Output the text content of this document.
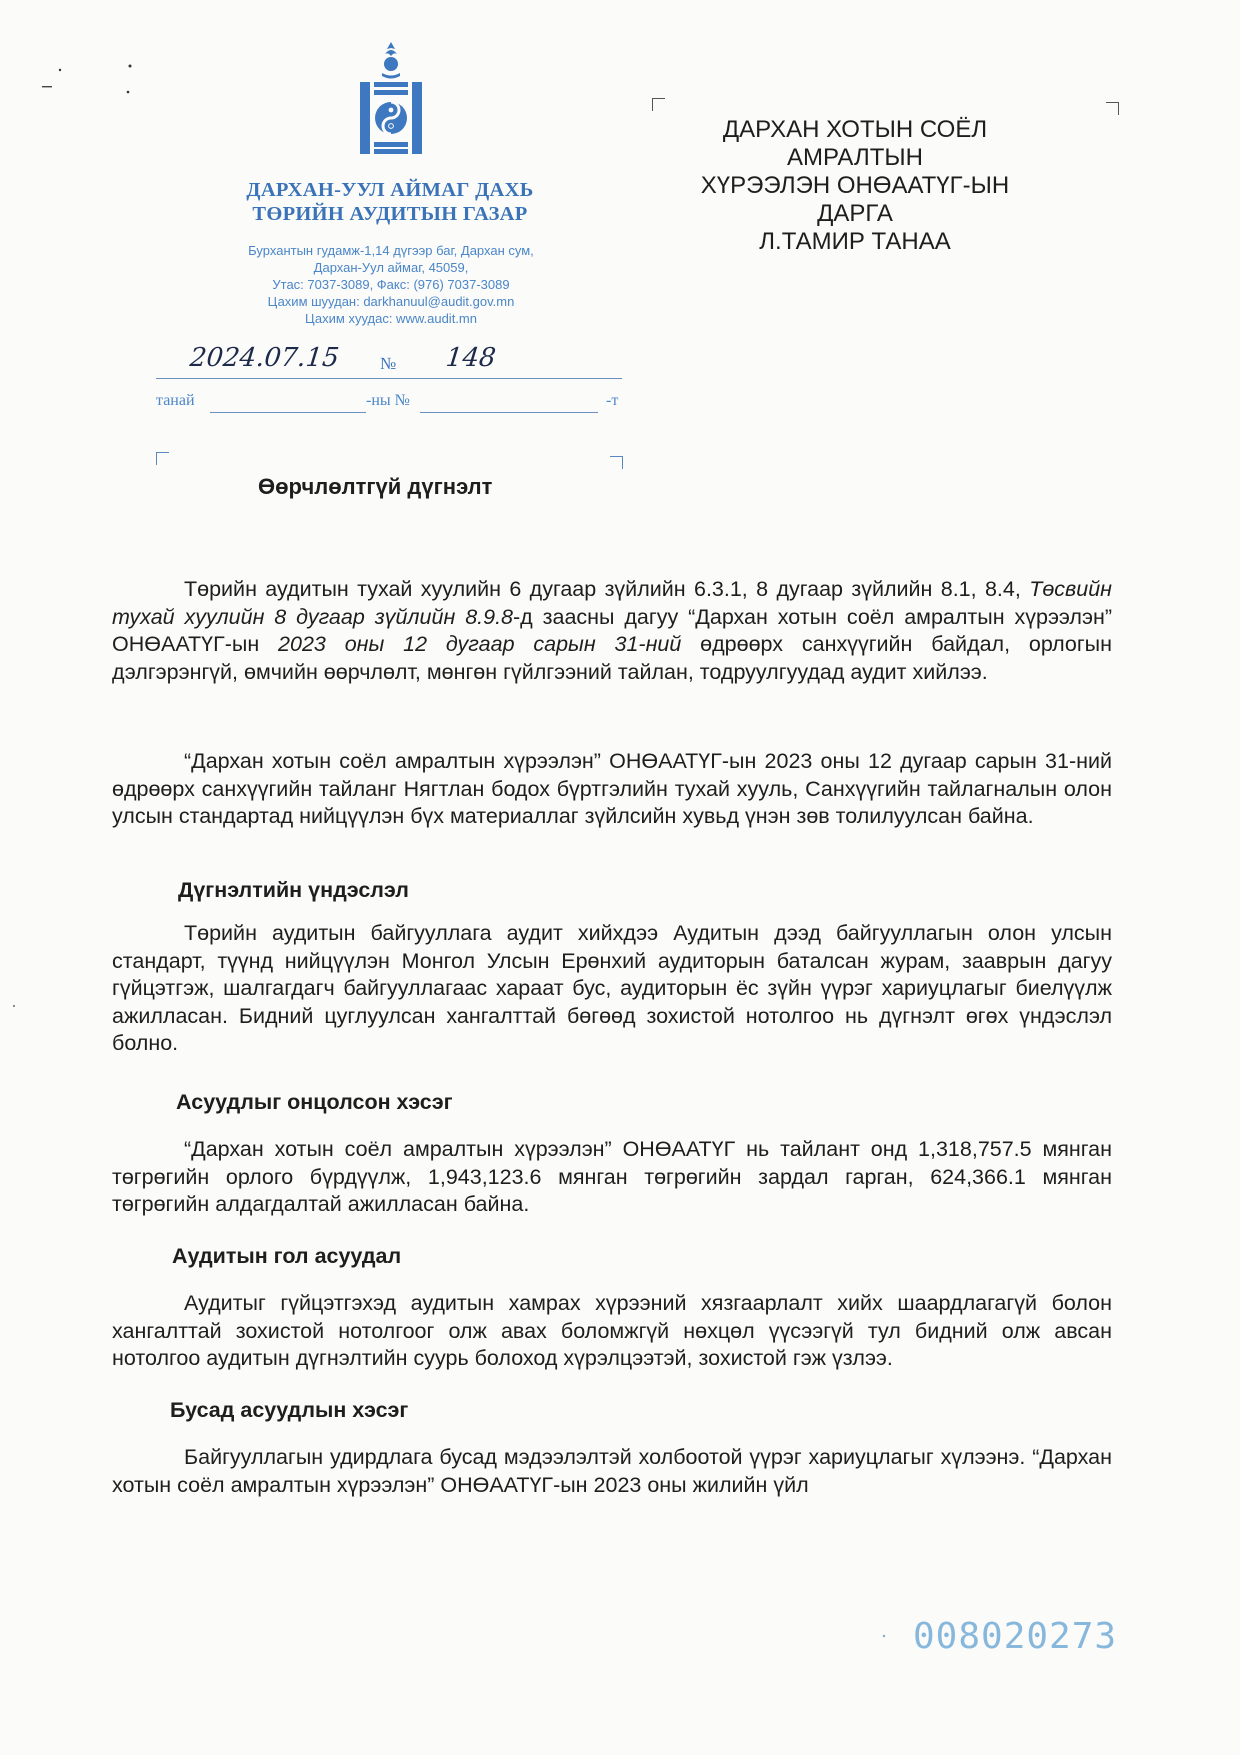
ДАРХАН-УУЛ АЙМАГ ДАХЬ
ТӨРИЙН АУДИТЫН ГАЗАР
Бурхантын гудамж-1,14 дүгээр баг, Дархан сум,
Дархан-Уул аймаг, 45059,
Утас: 7037-3089, Факс: (976) 7037-3089
Цахим шуудан: darkhanuul@audit.gov.mn
Цахим хуудас: www.audit.mn
2024.07.15 № 148
танай	-ны №	-т
ДАРХАН ХОТЫН СОЁЛ АМРАЛТЫН
ХҮРЭЭЛЭН ОНӨААТҮГ-ЫН ДАРГА
Л.ТАМИР ТАНАА
Өөрчлөлтгүй дүгнэлт
Төрийн аудитын тухай хуулийн 6 дугаар зүйлийн 6.3.1, 8 дугаар зүйлийн 8.1, 8.4, Төсвийн тухай хуулийн 8 дугаар зүйлийн 8.9.8-д заасны дагуу “Дархан хотын соёл амралтын хүрээлэн” ОНӨААТҮГ-ын 2023 оны 12 дугаар сарын 31-ний өдрөөрх санхүүгийн байдал, орлогын дэлгэрэнгүй, өмчийн өөрчлөлт, мөнгөн гүйлгээний тайлан, тодруулгуудад аудит хийлээ.
“Дархан хотын соёл амралтын хүрээлэн” ОНӨААТҮГ-ын 2023 оны 12 дугаар сарын 31-ний өдрөөрх санхүүгийн тайланг Нягтлан бодох бүртгэлийн тухай хууль, Санхүүгийн тайлагналын олон улсын стандартад нийцүүлэн бүх материаллаг зүйлсийн хувьд үнэн зөв толилуулсан байна.
Дүгнэлтийн үндэслэл
Төрийн аудитын байгууллага аудит хийхдээ Аудитын дээд байгууллагын олон улсын стандарт, түүнд нийцүүлэн Монгол Улсын Ерөнхий аудиторын баталсан журам, зааврын дагуу гүйцэтгэж, шалгагдагч байгууллагаас хараат бус, аудиторын ёс зүйн үүрэг хариуцлагыг биелүүлж ажилласан. Бидний цуглуулсан хангалттай бөгөөд зохистой нотолгоо нь дүгнэлт өгөх үндэслэл болно.
Асуудлыг онцолсон хэсэг
“Дархан хотын соёл амралтын хүрээлэн” ОНӨААТҮГ нь тайлант онд 1,318,757.5 мянган төгрөгийн орлого бүрдүүлж, 1,943,123.6 мянган төгрөгийн зардал гарган, 624,366.1 мянган төгрөгийн алдагдалтай ажилласан байна.
Аудитын гол асуудал
Аудитыг гүйцэтгэхэд аудитын хамрах хүрээний хязгаарлалт хийх шаардлагагүй болон хангалттай зохистой нотолгоог олж авах боломжгүй нөхцөл үүсээгүй тул бидний олж авсан нотолгоо аудитын дүгнэлтийн суурь болоход хүрэлцээтэй, зохистой гэж үзлээ.
Бусад асуудлын хэсэг
Байгууллагын удирдлага бусад мэдээлэлтэй холбоотой үүрэг хариуцлагыг хүлээнэ. “Дархан хотын соёл амралтын хүрээлэн” ОНӨААТҮГ-ын 2023 оны жилийн үйл
008020273
